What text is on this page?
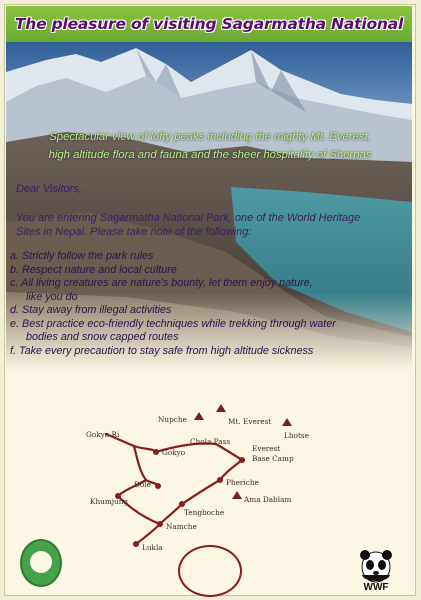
The pleasure of visiting Sagarmatha National
Spectacular view of lofty peaks including the mighty Mt. Everest,
high altitude flora and fauna and the sheer hospitality of Sherpas
Dear Visitors,
You are entering Sagarmatha National Park, one of the World Heritage
Sites in Nepal. Please take note of the following:
a. Strictly follow the park rules
b. Respect nature and local culture
c. All living creatures are nature's bounty, let them enjoy nature,
like you do
d. Stay away from illegal activities
e. Best practice eco-friendly techniques while trekking through water
bodies and snow capped routes
f. Take every precaution to stay safe from high altitude sickness
Nupche	Mt. Everest
Lhotse
Gokyo Ri
Chola Pass
Everest
Base Camp
Gokyo
Pheriche
Dole
Khumjung	Ama Dablam
Tengboche
Namche
Lukla
WWF
